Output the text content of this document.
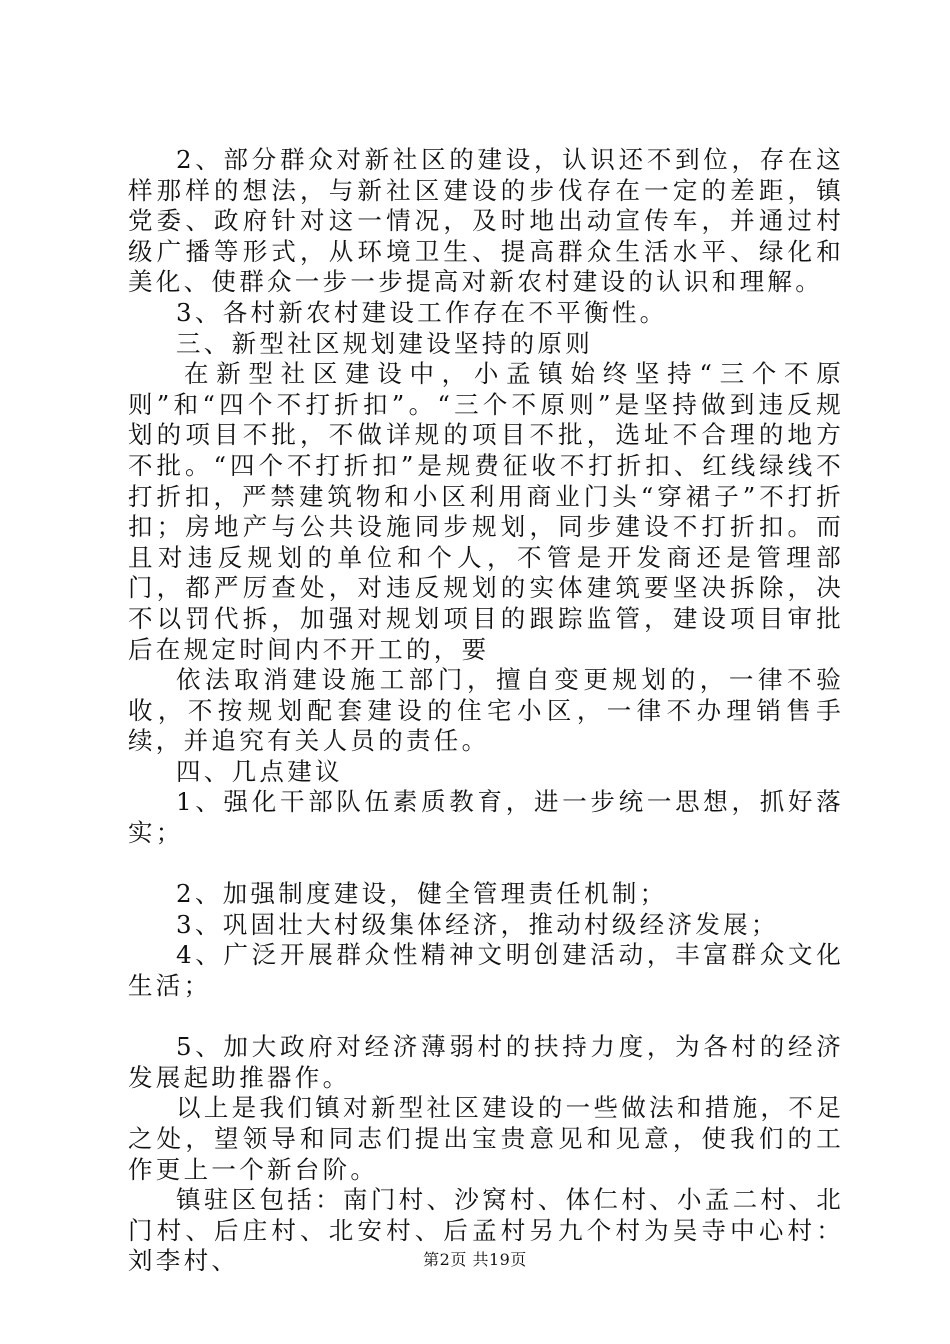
2、部分群众对新社区的建设，认识还不到位，存在这样那样的想法，与新社区建设的步伐存在一定的差距，镇党委、政府针对这一情况，及时地出动宣传车，并通过村级广播等形式，从环境卫生、提高群众生活水平、绿化和美化、使群众一步一步提高对新农村建设的认识和理解。

3、各村新农村建设工作存在不平衡性。

三、新型社区规划建设坚持的原则

在新型社区建设中，小孟镇始终坚持“三个不原则”和“四个不打折扣”。“三个不原则”是坚持做到违反规划的项目不批，不做详规的项目不批，选址不合理的地方不批。“四个不打折扣”是规费征收不打折扣、红线绿线不打折扣，严禁建筑物和小区利用商业门头“穿裙子”不打折扣；房地产与公共设施同步规划，同步建设不打折扣。而且对违反规划的单位和个人，不管是开发商还是管理部门，都严厉查处，对违反规划的实体建筑要坚决拆除，决不以罚代拆，加强对规划项目的跟踪监管，建设项目审批后在规定时间内不开工的，要

依法取消建设施工部门，擅自变更规划的，一律不验收，不按规划配套建设的住宅小区，一律不办理销售手续，并追究有关人员的责任。

四、几点建议

1、强化干部队伍素质教育，进一步统一思想，抓好落实；

2、加强制度建设，健全管理责任机制；

3、巩固壮大村级集体经济，推动村级经济发展；

4、广泛开展群众性精神文明创建活动，丰富群众文化生活；

5、加大政府对经济薄弱村的扶持力度，为各村的经济发展起助推器作。

以上是我们镇对新型社区建设的一些做法和措施，不足之处，望领导和同志们提出宝贵意见和见意，使我们的工作更上一个新台阶。

镇驻区包括：南门村、沙窝村、体仁村、小孟二村、北门村、后庄村、北安村、后孟村另九个村为吴寺中心村：刘李村、	第2页 共19页
